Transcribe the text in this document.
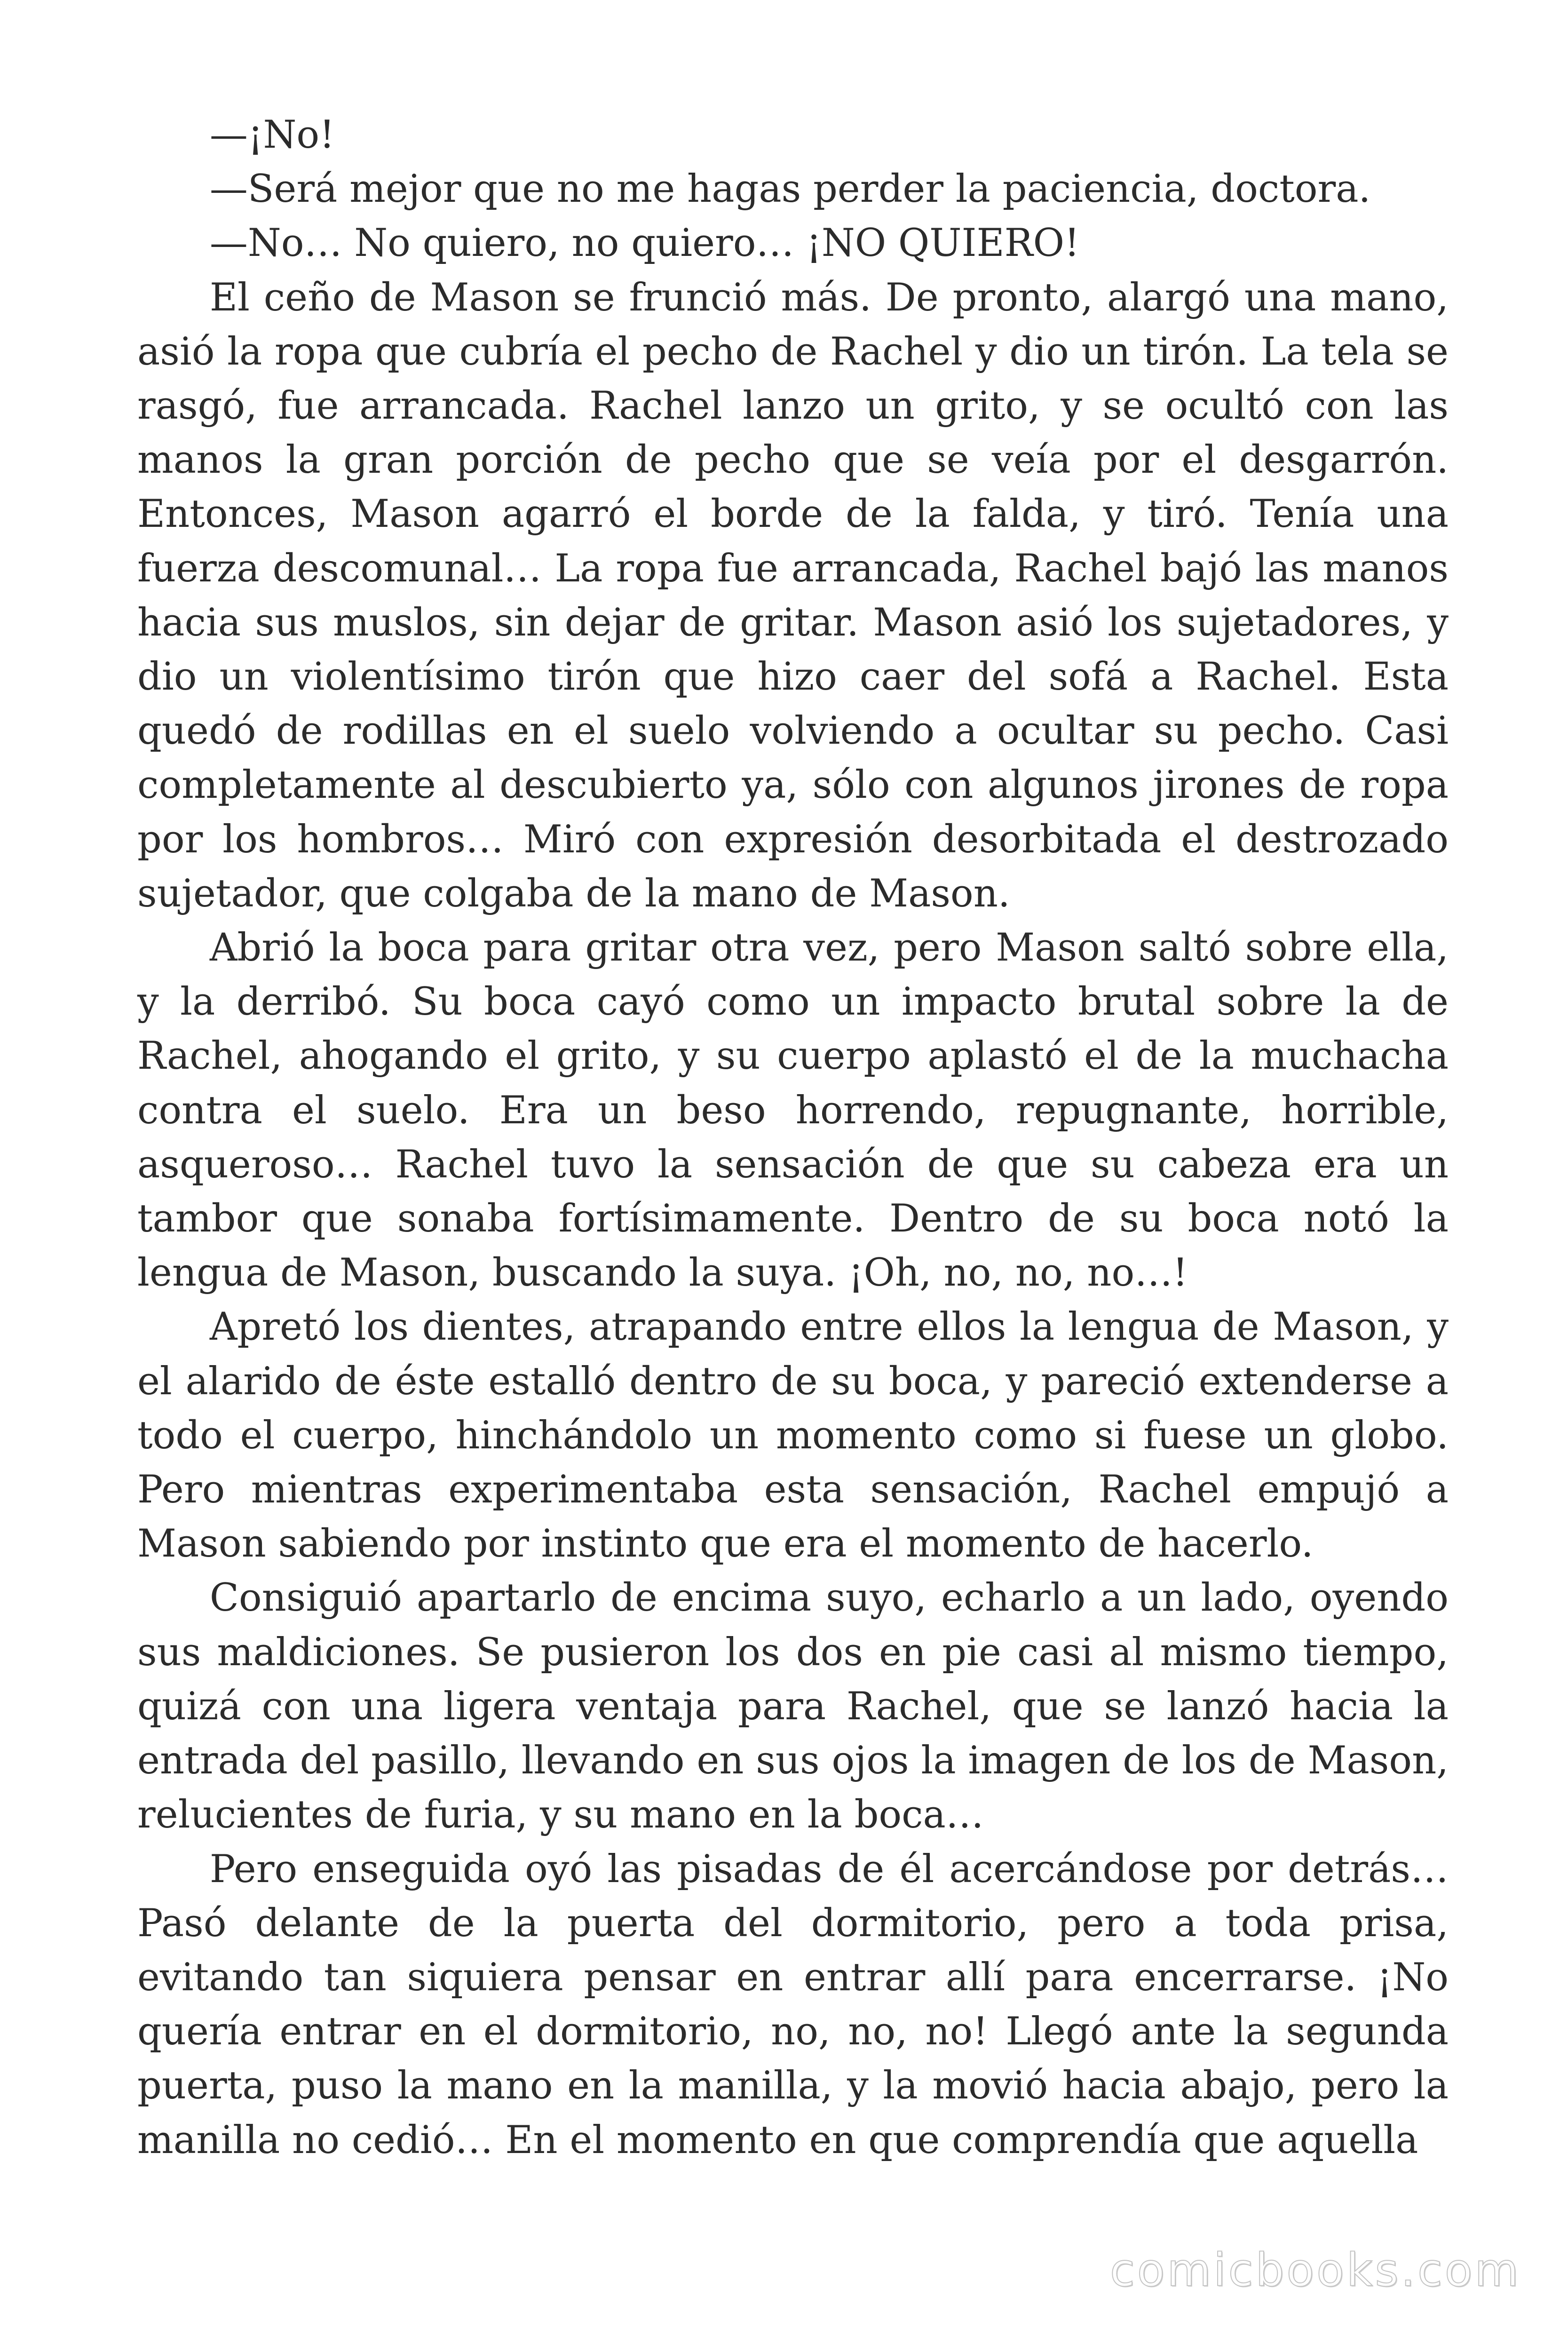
—¡No!

—Será mejor que no me hagas perder la paciencia, doctora.

—No… No quiero, no quiero… ¡NO QUIERO!

El ceño de Mason se frunció más. De pronto, alargó una mano, asió la ropa que cubría el pecho de Rachel y dio un tirón. La tela se rasgó, fue arrancada. Rachel lanzo un grito, y se ocultó con las manos la gran porción de pecho que se veía por el desgarrón. Entonces, Mason agarró el borde de la falda, y tiró. Tenía una fuerza descomunal… La ropa fue arrancada, Rachel bajó las manos hacia sus muslos, sin dejar de gritar. Mason asió los sujetadores, y dio un violentísimo tirón que hizo caer del sofá a Rachel. Esta quedó de rodillas en el suelo volviendo a ocultar su pecho. Casi completamente al descubierto ya, sólo con algunos jirones de ropa por los hombros… Miró con expresión desorbitada el destrozado sujetador, que colgaba de la mano de Mason.

Abrió la boca para gritar otra vez, pero Mason saltó sobre ella, y la derribó. Su boca cayó como un impacto brutal sobre la de Rachel, ahogando el grito, y su cuerpo aplastó el de la muchacha contra el suelo. Era un beso horrendo, repugnante, horrible, asqueroso… Rachel tuvo la sensación de que su cabeza era un tambor que sonaba fortísimamente. Dentro de su boca notó la lengua de Mason, buscando la suya. ¡Oh, no, no, no…!

Apretó los dientes, atrapando entre ellos la lengua de Mason, y el alarido de éste estalló dentro de su boca, y pareció extenderse a todo el cuerpo, hinchándolo un momento como si fuese un globo. Pero mientras experimentaba esta sensación, Rachel empujó a Mason sabiendo por instinto que era el momento de hacerlo.

Consiguió apartarlo de encima suyo, echarlo a un lado, oyendo sus maldiciones. Se pusieron los dos en pie casi al mismo tiempo, quizá con una ligera ventaja para Rachel, que se lanzó hacia la entrada del pasillo, llevando en sus ojos la imagen de los de Mason, relucientes de furia, y su mano en la boca…

Pero enseguida oyó las pisadas de él acercándose por detrás… Pasó delante de la puerta del dormitorio, pero a toda prisa, evitando tan siquiera pensar en entrar allí para encerrarse. ¡No quería entrar en el dormitorio, no, no, no! Llegó ante la segunda puerta, puso la mano en la manilla, y la movió hacia abajo, pero la manilla no cedió… En el momento en que comprendía que aquella

comicbooks.com
